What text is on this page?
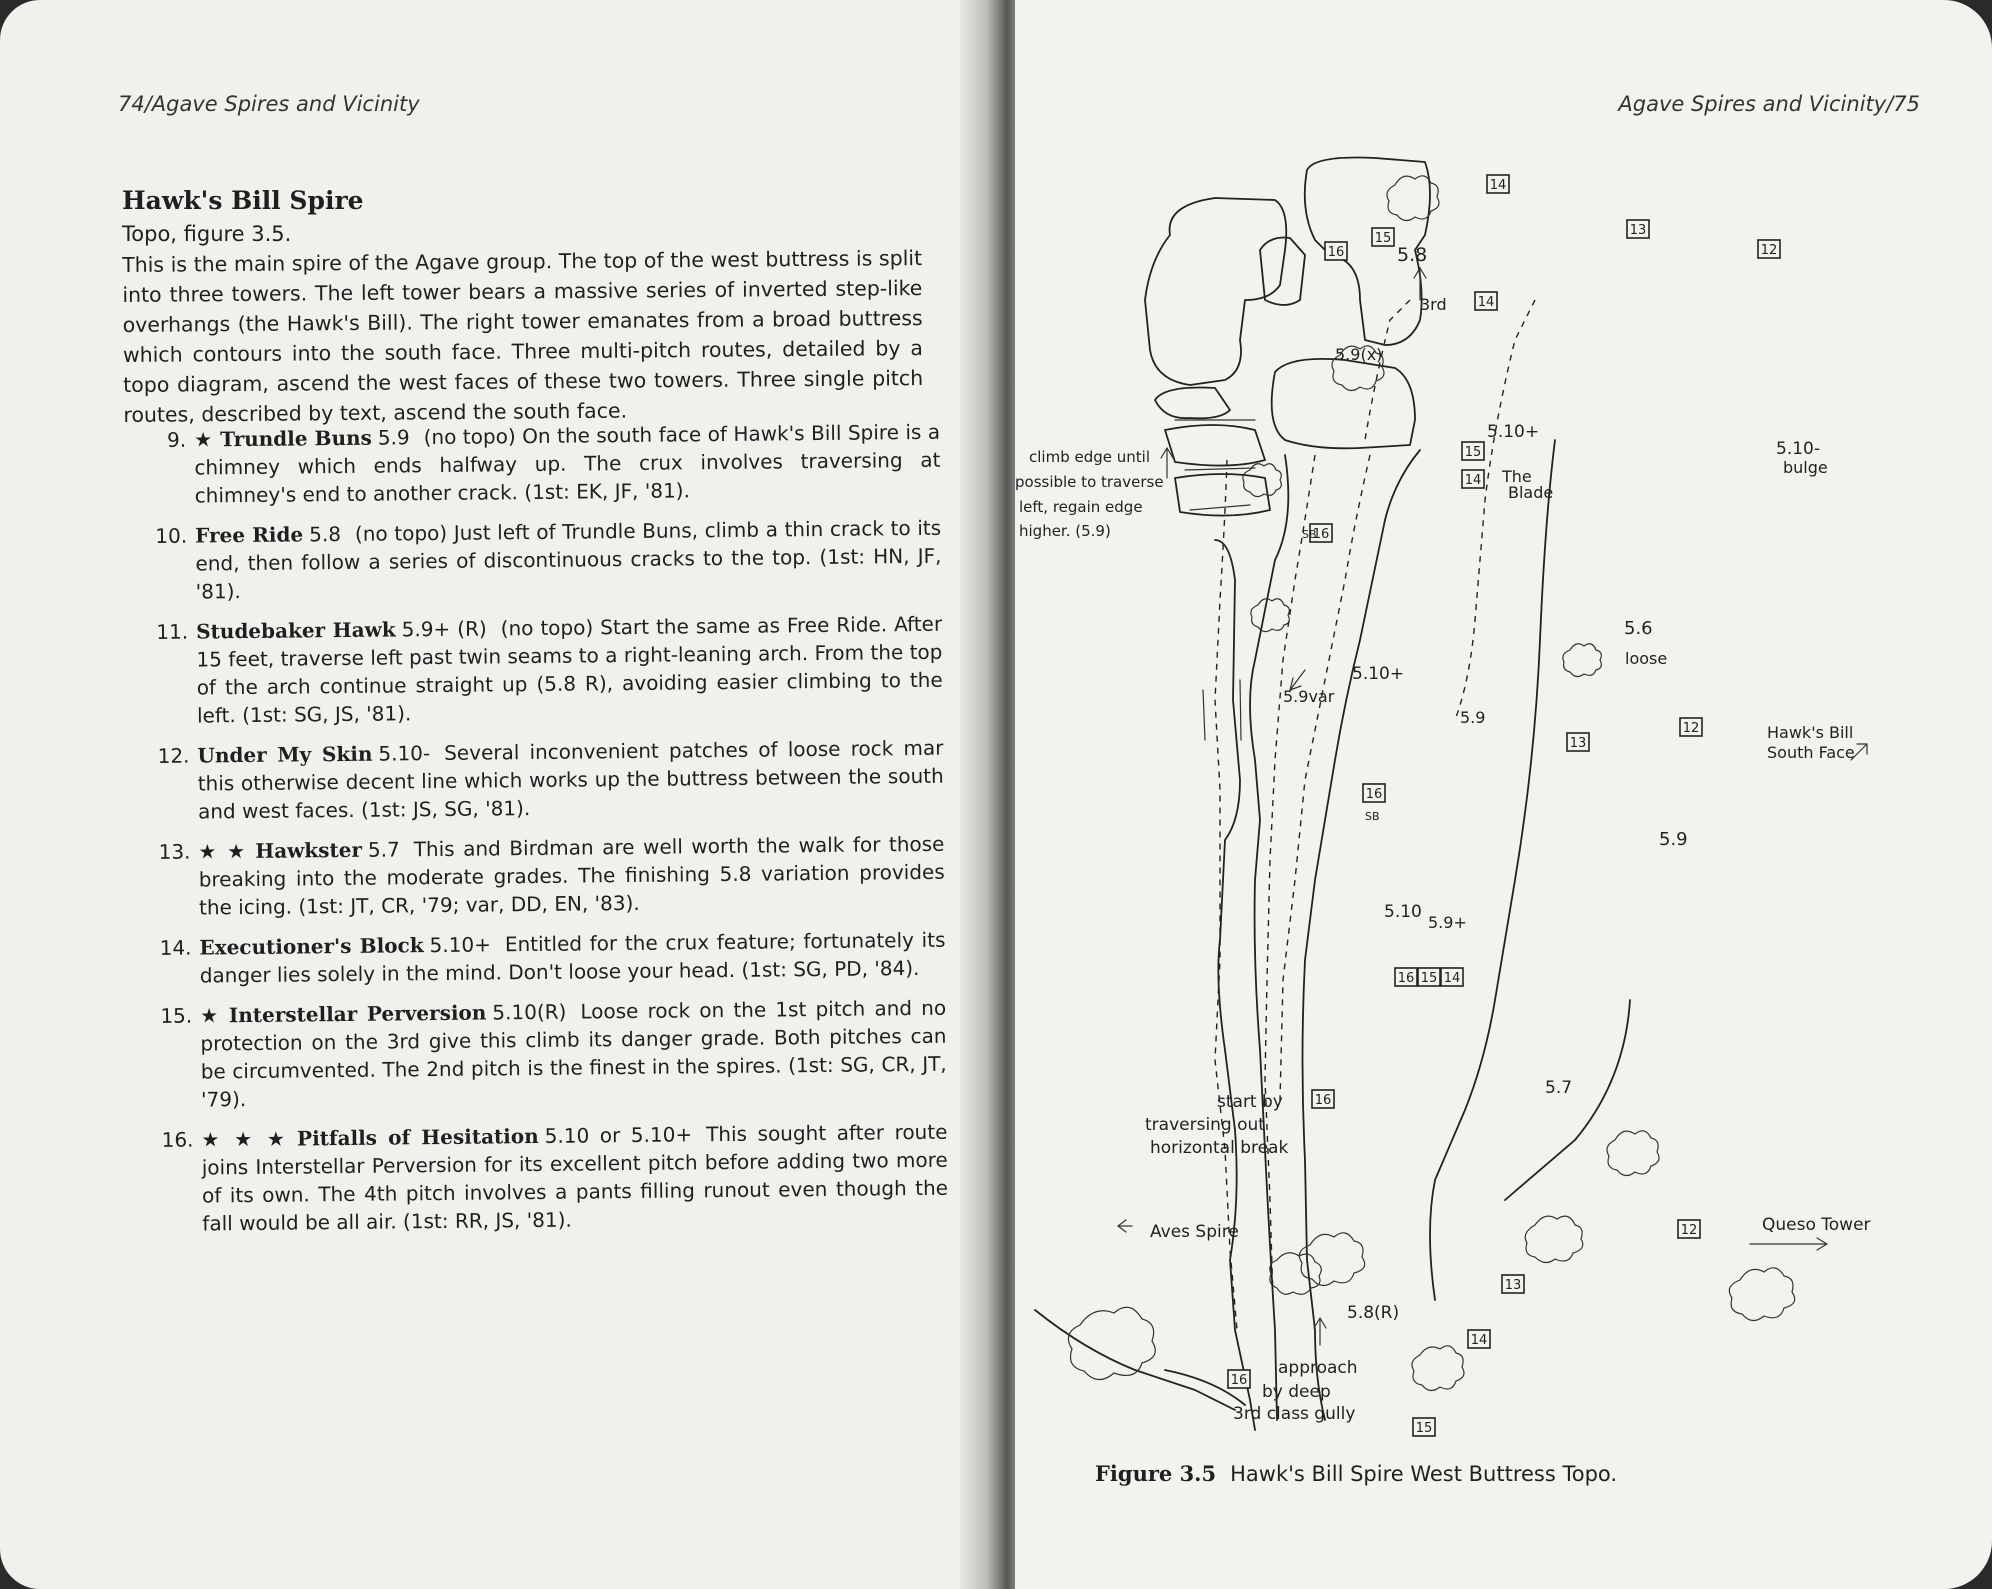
74/Agave Spires and Vicinity
Hawk's Bill Spire
Topo, figure 3.5.
This is the main spire of the Agave group. The top of the west buttress is split into three towers. The left tower bears a massive series of inverted step-like overhangs (the Hawk's Bill). The right tower emanates from a broad buttress which contours into the south face. Three multi-pitch routes, detailed by a topo diagram, ascend the west faces of these two towers. Three single pitch routes, described by text, ascend the south face.
9. ★ Trundle Buns 5.9 (no topo) On the south face of Hawk's Bill Spire is a chimney which ends halfway up. The crux involves traversing at chimney's end to another crack. (1st: EK, JF, '81).
10. Free Ride 5.8 (no topo) Just left of Trundle Buns, climb a thin crack to its end, then follow a series of discontinuous cracks to the top. (1st: HN, JF, '81).
11. Studebaker Hawk 5.9+ (R) (no topo) Start the same as Free Ride. After 15 feet, traverse left past twin seams to a right-leaning arch. From the top of the arch continue straight up (5.8 R), avoiding easier climbing to the left. (1st: SG, JS, '81).
12. Under My Skin 5.10- Several inconvenient patches of loose rock mar this otherwise decent line which works up the buttress between the south and west faces. (1st: JS, SG, '81).
13. ★ ★ Hawkster 5.7 This and Birdman are well worth the walk for those breaking into the moderate grades. The finishing 5.8 variation provides the icing. (1st: JT, CR, '79; var, DD, EN, '83).
14. Executioner's Block 5.10+ Entitled for the crux feature; fortunately its danger lies solely in the mind. Don't loose your head. (1st: SG, PD, '84).
15. ★ Interstellar Perversion 5.10(R) Loose rock on the 1st pitch and no protection on the 3rd give this climb its danger grade. Both pitches can be circumvented. The 2nd pitch is the finest in the spires. (1st: SG, CR, JT, '79).
16. ★ ★ ★ Pitfalls of Hesitation 5.10 or 5.10+ This sought after route joins Interstellar Perversion for its excellent pitch before adding two more of its own. The 4th pitch involves a pants filling runout even though the fall would be all air. (1st: RR, JS, '81).
Agave Spires and Vicinity/75
14
13
12
16
15
14
15
14
16
12
13
16
16 15 14
16
12
13
14
16
15
SB
SB
5.8
3rd
5.9(x)
5.10+
The
Blade
5.10-
bulge
climb edge until
possible to traverse
left, regain edge
higher. (5.9)
5.6
loose
5.10+
5.9var
5.9
Hawk's Bill
South Face
5.9
5.10
5.9+
5.7
start by
traversing out
horizontal break
Aves Spire	Queso Tower
5.8(R)
approach
by deep
3rd class gully
Figure 3.5 Hawk's Bill Spire West Buttress Topo.
